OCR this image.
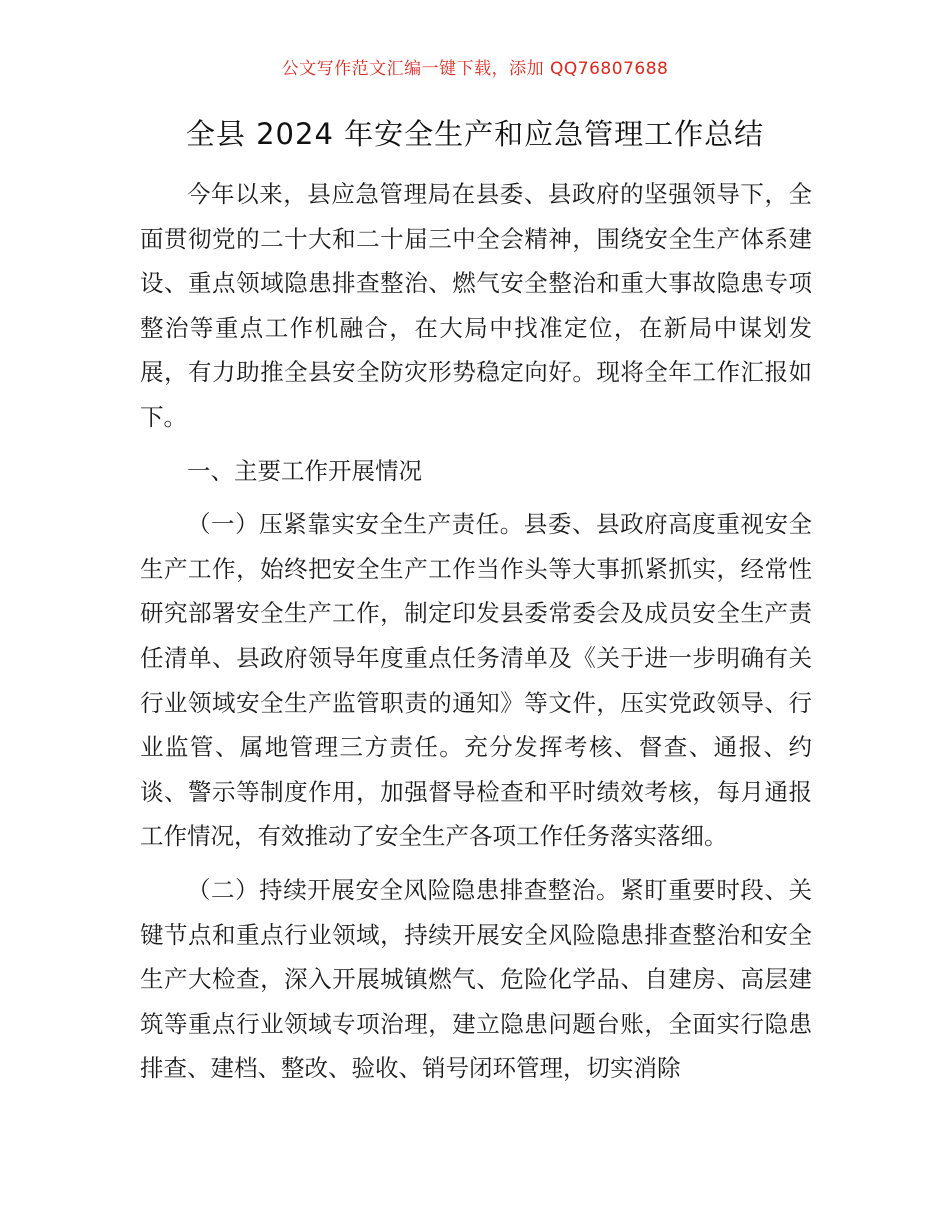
公文写作范文汇编一键下载，添加 QQ76807688
全县 2024 年安全生产和应急管理工作总结

今年以来，县应急管理局在县委、县政府的坚强领导下，全面贯彻党的二十大和二十届三中全会精神，围绕安全生产体系建设、重点领域隐患排查整治、燃气安全整治和重大事故隐患专项整治等重点工作机融合，在大局中找准定位，在新局中谋划发展，有力助推全县安全防灾形势稳定向好。现将全年工作汇报如下。

一、主要工作开展情况

（一）压紧靠实安全生产责任。县委、县政府高度重视安全生产工作，始终把安全生产工作当作头等大事抓紧抓实，经常性研究部署安全生产工作，制定印发县委常委会及成员安全生产责任清单、县政府领导年度重点任务清单及《关于进一步明确有关行业领域安全生产监管职责的通知》等文件，压实党政领导、行业监管、属地管理三方责任。充分发挥考核、督查、通报、约谈、警示等制度作用，加强督导检查和平时绩效考核，每月通报工作情况，有效推动了安全生产各项工作任务落实落细。

（二）持续开展安全风险隐患排查整治。紧盯重要时段、关键节点和重点行业领域，持续开展安全风险隐患排查整治和安全生产大检查，深入开展城镇燃气、危险化学品、自建房、高层建筑等重点行业领域专项治理，建立隐患问题台账，全面实行隐患排查、建档、整改、验收、销号闭环管理，切实消除
